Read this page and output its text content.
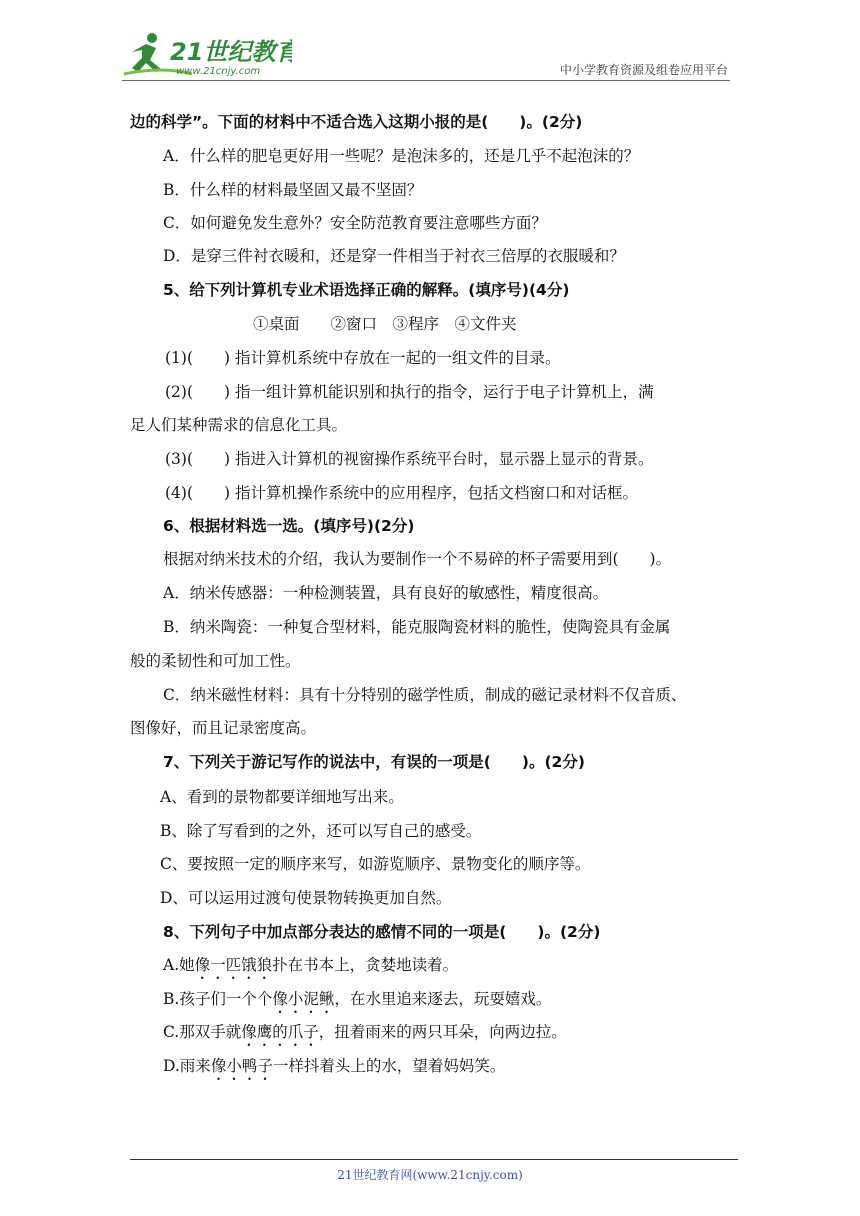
21世纪教育
www.21cnjy.com	中小学教育资源及组卷应用平台
边的科学”。下面的材料中不适合选入这期小报的是(　　)。(2分)
A．什么样的肥皂更好用一些呢？是泡沫多的，还是几乎不起泡沫的？
B．什么样的材料最坚固又最不坚固？
C．如何避免发生意外？安全防范教育要注意哪些方面？
D．是穿三件衬衣暖和，还是穿一件相当于衬衣三倍厚的衣服暖和？
5、给下列计算机专业术语选择正确的解释。(填序号)(4分)
①桌面　　②窗口　③程序　④文件夹
(1)(　　) 指计算机系统中存放在一起的一组文件的目录。
(2)(　　) 指一组计算机能识别和执行的指令，运行于电子计算机上，满
足人们某种需求的信息化工具。
(3)(　　) 指进入计算机的视窗操作系统平台时，显示器上显示的背景。
(4)(　　) 指计算机操作系统中的应用程序，包括文档窗口和对话框。
6、根据材料选一选。(填序号)(2分)
根据对纳米技术的介绍，我认为要制作一个不易碎的杯子需要用到(　　)。
A．纳米传感器：一种检测装置，具有良好的敏感性，精度很高。
B．纳米陶瓷：一种复合型材料，能克服陶瓷材料的脆性，使陶瓷具有金属
般的柔韧性和可加工性。
C．纳米磁性材料：具有十分特别的磁学性质，制成的磁记录材料不仅音质、
图像好，而且记录密度高。
7、下列关于游记写作的说法中，有误的一项是(　　)。(2分)
A、看到的景物都要详细地写出来。
B、除了写看到的之外，还可以写自己的感受。
C、要按照一定的顺序来写，如游览顺序、景物变化的顺序等。
D、可以运用过渡句使景物转换更加自然。
8、下列句子中加点部分表达的感情不同的一项是(　　)。(2分)
A.她像一匹饿狼扑在书本上，贪婪地读着。
B.孩子们一个个像小泥鳅，在水里追来逐去，玩耍嬉戏。
C.那双手就像鹰的爪子，扭着雨来的两只耳朵，向两边拉。
D.雨来像小鸭子一样抖着头上的水，望着妈妈笑。
21世纪教育网(www.21cnjy.com)
